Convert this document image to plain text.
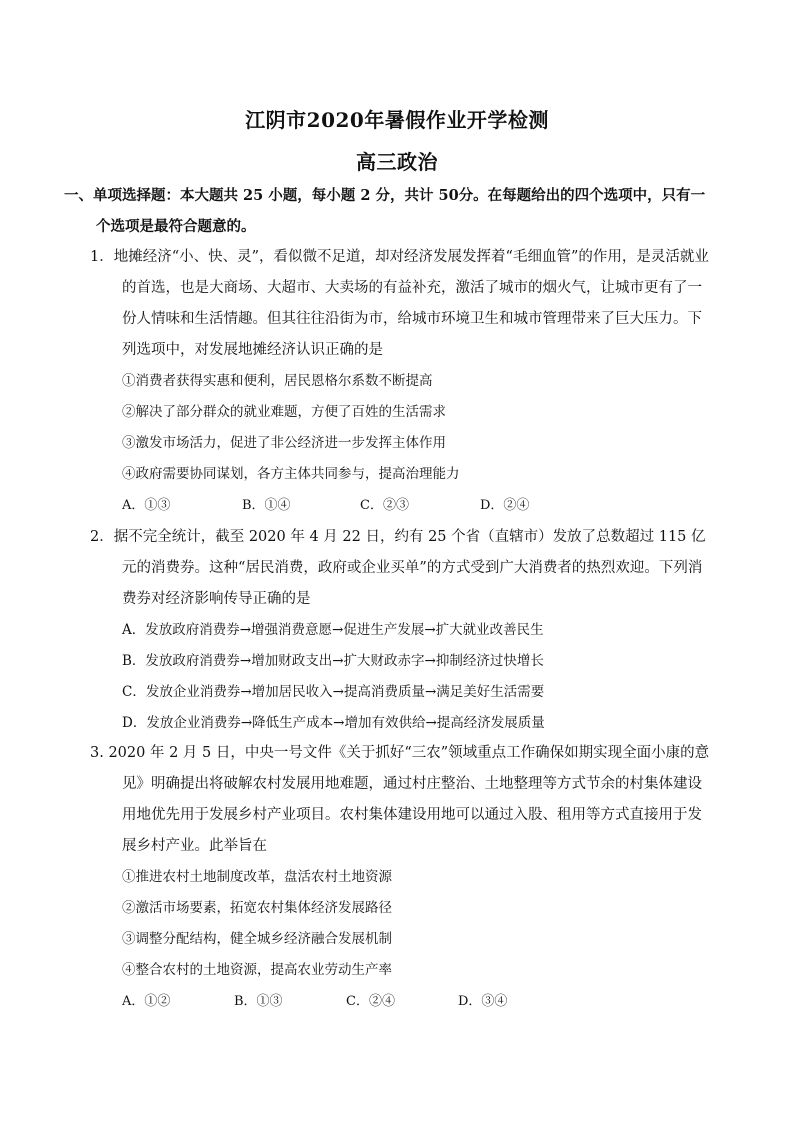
江阴市2020年暑假作业开学检测
高三政治
一、单项选择题：本大题共 25 小题，每小题 2 分，共计 50分。在每题给出的四个选项中，只有一
个选项是最符合题意的。

1．地摊经济“小、快、灵”，看似微不足道，却对经济发展发挥着“毛细血管”的作用，是灵活就业的首选，也是大商场、大超市、大卖场的有益补充，激活了城市的烟火气，让城市更有了一份人情味和生活情趣。但其往往沿街为市，给城市环境卫生和城市管理带来了巨大压力。下列选项中，对发展地摊经济认识正确的是

①消费者获得实惠和便利，居民恩格尔系数不断提高

②解决了部分群众的就业难题，方便了百姓的生活需求

③激发市场活力，促进了非公经济进一步发挥主体作用

④政府需要协同谋划，各方主体共同参与，提高治理能力

A．①③	B．①④	C．②③	D．②④

2．据不完全统计，截至 2020 年 4 月 22 日，约有 25 个省（直辖市）发放了总数超过 115 亿元的消费券。这种“居民消费，政府或企业买单”的方式受到广大消费者的热烈欢迎。下列消费券对经济影响传导正确的是

A．发放政府消费券→增强消费意愿→促进生产发展→扩大就业改善民生

B．发放政府消费券→增加财政支出→扩大财政赤字→抑制经济过快增长

C．发放企业消费券→增加居民收入→提高消费质量→满足美好生活需要

D．发放企业消费券→降低生产成本→增加有效供给→提高经济发展质量

3. 2020 年 2 月 5 日，中央一号文件《关于抓好“三农”领域重点工作确保如期实现全面小康的意见》明确提出将破解农村发展用地难题，通过村庄整治、土地整理等方式节余的村集体建设用地优先用于发展乡村产业项目。农村集体建设用地可以通过入股、租用等方式直接用于发展乡村产业。此举旨在

①推进农村土地制度改革，盘活农村土地资源

②激活市场要素，拓宽农村集体经济发展路径

③调整分配结构，健全城乡经济融合发展机制

④整合农村的土地资源，提高农业劳动生产率

A．①②	B．①③	C．②④	D．③④
